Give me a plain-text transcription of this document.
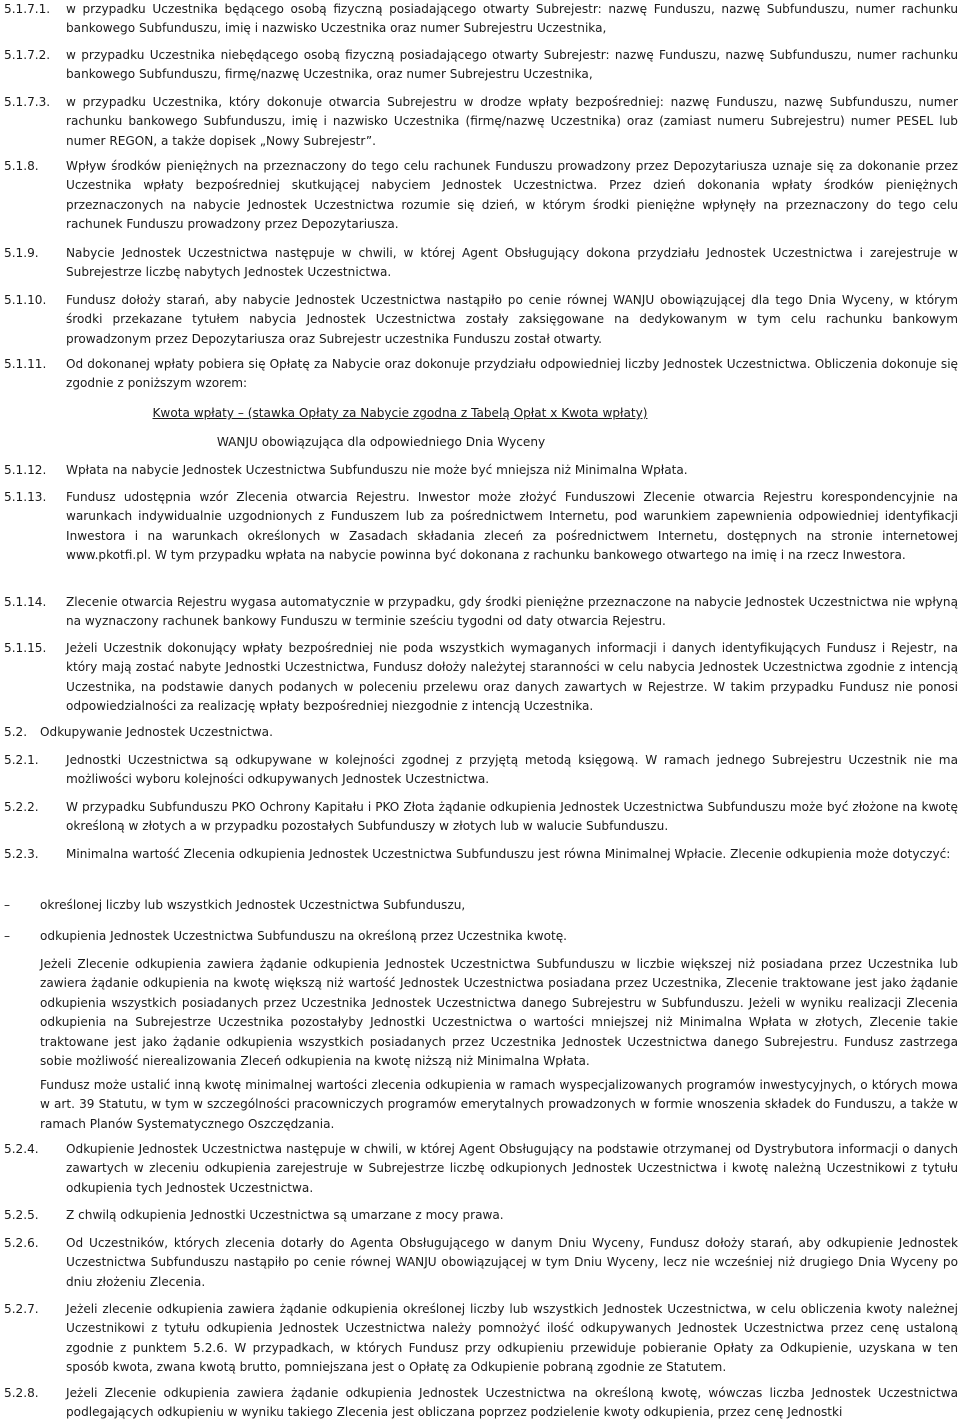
5.1.7.1. w przypadku Uczestnika będącego osobą fizyczną posiadającego otwarty Subrejestr: nazwę Funduszu, nazwę Subfunduszu, numer rachunku bankowego Subfunduszu, imię i nazwisko Uczestnika oraz numer Subrejestru Uczestnika,
5.1.7.2. w przypadku Uczestnika niebędącego osobą fizyczną posiadającego otwarty Subrejestr: nazwę Funduszu, nazwę Subfunduszu, numer rachunku bankowego Subfunduszu, firmę/nazwę Uczestnika, oraz numer Subrejestru Uczestnika,
5.1.7.3. w przypadku Uczestnika, który dokonuje otwarcia Subrejestru w drodze wpłaty bezpośredniej: nazwę Funduszu, nazwę Subfunduszu, numer rachunku bankowego Subfunduszu, imię i nazwisko Uczestnika (firmę/nazwę Uczestnika) oraz (zamiast numeru Subrejestru) numer PESEL lub numer REGON, a także dopisek „Nowy Subrejestr”.
5.1.8. Wpływ środków pieniężnych na przeznaczony do tego celu rachunek Funduszu prowadzony przez Depozytariusza uznaje się za dokonanie przez Uczestnika wpłaty bezpośredniej skutkującej nabyciem Jednostek Uczestnictwa. Przez dzień dokonania wpłaty środków pieniężnych przeznaczonych na nabycie Jednostek Uczestnictwa rozumie się dzień, w którym środki pieniężne wpłynęły na przeznaczony do tego celu rachunek Funduszu prowadzony przez Depozytariusza.
5.1.9. Nabycie Jednostek Uczestnictwa następuje w chwili, w której Agent Obsługujący dokona przydziału Jednostek Uczestnictwa i zarejestruje w Subrejestrze liczbę nabytych Jednostek Uczestnictwa.
5.1.10. Fundusz dołoży starań, aby nabycie Jednostek Uczestnictwa nastąpiło po cenie równej WANJU obowiązującej dla tego Dnia Wyceny, w którym środki przekazane tytułem nabycia Jednostek Uczestnictwa zostały zaksięgowane na dedykowanym w tym celu rachunku bankowym prowadzonym przez Depozytariusza oraz Subrejestr uczestnika Funduszu został otwarty.
5.1.11. Od dokonanej wpłaty pobiera się Opłatę za Nabycie oraz dokonuje przydziału odpowiedniej liczby Jednostek Uczestnictwa. Obliczenia dokonuje się zgodnie z poniższym wzorem:
Kwota wpłaty – (stawka Opłaty za Nabycie zgodna z Tabelą Opłat x Kwota wpłaty)
WANJU obowiązująca dla odpowiedniego Dnia Wyceny
5.1.12. Wpłata na nabycie Jednostek Uczestnictwa Subfunduszu nie może być mniejsza niż Minimalna Wpłata.
5.1.13. Fundusz udostępnia wzór Zlecenia otwarcia Rejestru. Inwestor może złożyć Funduszowi Zlecenie otwarcia Rejestru korespondencyjnie na warunkach indywidualnie uzgodnionych z Funduszem lub za pośrednictwem Internetu, pod warunkiem zapewnienia odpowiedniej identyfikacji Inwestora i na warunkach określonych w Zasadach składania zleceń za pośrednictwem Internetu, dostępnych na stronie internetowej www.pkotfi.pl. W tym przypadku wpłata na nabycie powinna być dokonana z rachunku bankowego otwartego na imię i na rzecz Inwestora.
5.1.14. Zlecenie otwarcia Rejestru wygasa automatycznie w przypadku, gdy środki pieniężne przeznaczone na nabycie Jednostek Uczestnictwa nie wpłyną na wyznaczony rachunek bankowy Funduszu w terminie sześciu tygodni od daty otwarcia Rejestru.
5.1.15. Jeżeli Uczestnik dokonujący wpłaty bezpośredniej nie poda wszystkich wymaganych informacji i danych identyfikujących Fundusz i Rejestr, na który mają zostać nabyte Jednostki Uczestnictwa, Fundusz dołoży należytej staranności w celu nabycia Jednostek Uczestnictwa zgodnie z intencją Uczestnika, na podstawie danych podanych w poleceniu przelewu oraz danych zawartych w Rejestrze. W takim przypadku Fundusz nie ponosi odpowiedzialności za realizację wpłaty bezpośredniej niezgodnie z intencją Uczestnika.
5.2. Odkupywanie Jednostek Uczestnictwa.
5.2.1. Jednostki Uczestnictwa są odkupywane w kolejności zgodnej z przyjętą metodą księgową. W ramach jednego Subrejestru Uczestnik nie ma możliwości wyboru kolejności odkupywanych Jednostek Uczestnictwa.
5.2.2. W przypadku Subfunduszu PKO Ochrony Kapitału i PKO Złota żądanie odkupienia Jednostek Uczestnictwa Subfunduszu może być złożone na kwotę określoną w złotych a w przypadku pozostałych Subfunduszy w złotych lub w walucie Subfunduszu.
5.2.3. Minimalna wartość Zlecenia odkupienia Jednostek Uczestnictwa Subfunduszu jest równa Minimalnej Wpłacie. Zlecenie odkupienia może dotyczyć:
– określonej liczby lub wszystkich Jednostek Uczestnictwa Subfunduszu,
– odkupienia Jednostek Uczestnictwa Subfunduszu na określoną przez Uczestnika kwotę.
Jeżeli Zlecenie odkupienia zawiera żądanie odkupienia Jednostek Uczestnictwa Subfunduszu w liczbie większej niż posiadana przez Uczestnika lub zawiera żądanie odkupienia na kwotę większą niż wartość Jednostek Uczestnictwa posiadana przez Uczestnika, Zlecenie traktowane jest jako żądanie odkupienia wszystkich posiadanych przez Uczestnika Jednostek Uczestnictwa danego Subrejestru w Subfunduszu. Jeżeli w wyniku realizacji Zlecenia odkupienia na Subrejestrze Uczestnika pozostałyby Jednostki Uczestnictwa o wartości mniejszej niż Minimalna Wpłata w złotych, Zlecenie takie traktowane jest jako żądanie odkupienia wszystkich posiadanych przez Uczestnika Jednostek Uczestnictwa danego Subrejestru. Fundusz zastrzega sobie możliwość nierealizowania Zleceń odkupienia na kwotę niższą niż Minimalna Wpłata.
Fundusz może ustalić inną kwotę minimalnej wartości zlecenia odkupienia w ramach wyspecjalizowanych programów inwestycyjnych, o których mowa w art. 39 Statutu, w tym w szczególności pracowniczych programów emerytalnych prowadzonych w formie wnoszenia składek do Funduszu, a także w ramach Planów Systematycznego Oszczędzania.
5.2.4. Odkupienie Jednostek Uczestnictwa następuje w chwili, w której Agent Obsługujący na podstawie otrzymanej od Dystrybutora informacji o danych zawartych w zleceniu odkupienia zarejestruje w Subrejestrze liczbę odkupionych Jednostek Uczestnictwa i kwotę należną Uczestnikowi z tytułu odkupienia tych Jednostek Uczestnictwa.
5.2.5. Z chwilą odkupienia Jednostki Uczestnictwa są umarzane z mocy prawa.
5.2.6. Od Uczestników, których zlecenia dotarły do Agenta Obsługującego w danym Dniu Wyceny, Fundusz dołoży starań, aby odkupienie Jednostek Uczestnictwa Subfunduszu nastąpiło po cenie równej WANJU obowiązującej w tym Dniu Wyceny, lecz nie wcześniej niż drugiego Dnia Wyceny po dniu złożeniu Zlecenia.
5.2.7. Jeżeli zlecenie odkupienia zawiera żądanie odkupienia określonej liczby lub wszystkich Jednostek Uczestnictwa, w celu obliczenia kwoty należnej Uczestnikowi z tytułu odkupienia Jednostek Uczestnictwa należy pomnożyć ilość odkupywanych Jednostek Uczestnictwa przez cenę ustaloną zgodnie z punktem 5.2.6. W przypadkach, w których Fundusz przy odkupieniu przewiduje pobieranie Opłaty za Odkupienie, uzyskana w ten sposób kwota, zwana kwotą brutto, pomniejszana jest o Opłatę za Odkupienie pobraną zgodnie ze Statutem.
5.2.8. Jeżeli Zlecenie odkupienia zawiera żądanie odkupienia Jednostek Uczestnictwa na określoną kwotę, wówczas liczba Jednostek Uczestnictwa podlegających odkupieniu w wyniku takiego Zlecenia jest obliczana poprzez podzielenie kwoty odkupienia, przez cenę Jednostki
